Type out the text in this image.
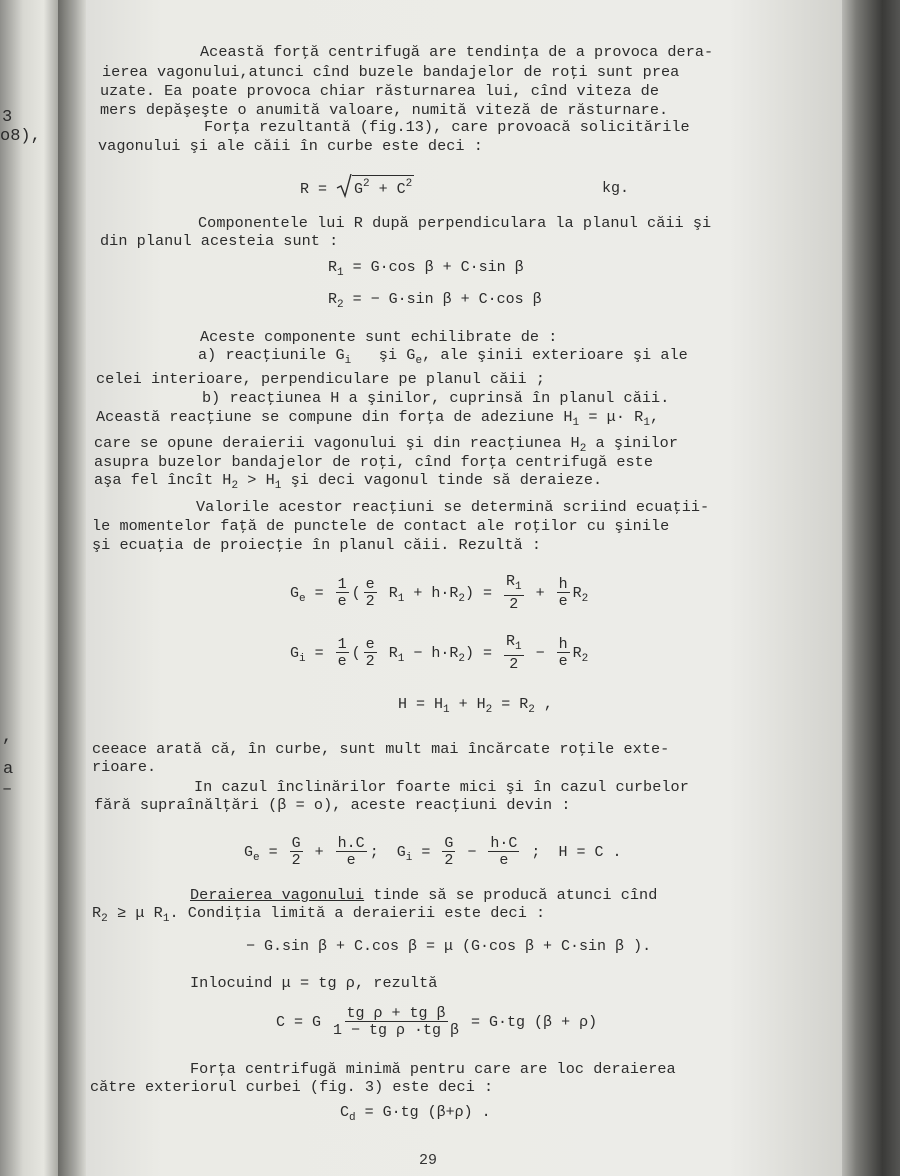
3
o8),
,
a
–
Această forţă centrifugă are tendinţa de a provoca dera-
ierea vagonului,atunci cînd buzele bandajelor de roţi sunt prea
uzate. Ea poate provoca chiar răsturnarea lui, cînd viteza de
mers depăşeşte o anumită valoare, numită viteză de răsturnare.
Forţa rezultantă (fig.13), care provoacă solicitările
vagonului şi ale căii în curbe este deci :
$R = G^2 + C^2$	kg.
Componentele lui R după perpendiculara la planul căii şi
din planul acesteia sunt :
$R_1 = G\cdot\cos$ β + C·sin β
$R_2$ = − G·sin β + C·cos β
Aceste componente sunt echilibrate de :
a) reacţiunile $G_i$ şi $G_e$, ale şinii exterioare şi ale
celei interioare, perpendiculare pe planul căii ;
b) reacţiunea H a şinilor, cuprinsă în planul căii.
Această reacţiune se compune din forţa de adeziune $H_1 = \mu\cdot R_1$,
care se opune deraierii vagonului şi din reacţiunea $H_2$ a şinilor
asupra buzelor bandajelor de roţi, cînd forţa centrifugă este
aşa fel încît $H_2 > H_1$ şi deci vagonul tinde să deraieze.
Valorile acestor reacţiuni se determină scriind ecuaţii-
le momentelor faţă de punctele de contact ale roţilor cu şinile
şi ecuaţia de proiecţie în planul căii. Rezultă :
$G_e = \frac{1}{e}$ ( $\frac{e}{2} R_1 + h\cdot R_2) = \frac{R_1}{2} + \frac{h}{e} R_2$
$G_i = \frac{1}{e}$ ( $\frac{e}{2} R_1 - h\cdot R_2) = \frac{R_1}{2} - \frac{h}{e} R_2$
$H = H_1 + H_2 = R_2$ ,
ceeace arată că, în curbe, sunt mult mai încărcate roţile exte-
rioare.
In cazul înclinărilor foarte mici şi în cazul curbelor
fără supraînălţări (β = o), aceste reacţiuni devin :
$G_e = \frac{G}{2} + \frac{h.C}{e}$ ; $G_i = \frac{G}{2} - \frac{h\cdot C}{e}$ ; H = C .
Deraierea vagonului tinde să se producă atunci cînd
$R_2 \ge \mu$ $R_1$. Condiţia limită a deraierii este deci :
− G.sin β + C.cos β = μ (G·cos β + C·sin β ).
Inlocuind μ = tg ρ, rezultă
C = G $\frac{\text{tg ρ + tg β}}{\text{1 − tg ρ ·tg β}} = G\cdot tg$ (β + ρ)
Forţa centrifugă minimă pentru care are loc deraierea
către exteriorul curbei (fig. 3) este deci :
$C_d = G\cdot tg$ (β+ρ) .
29
